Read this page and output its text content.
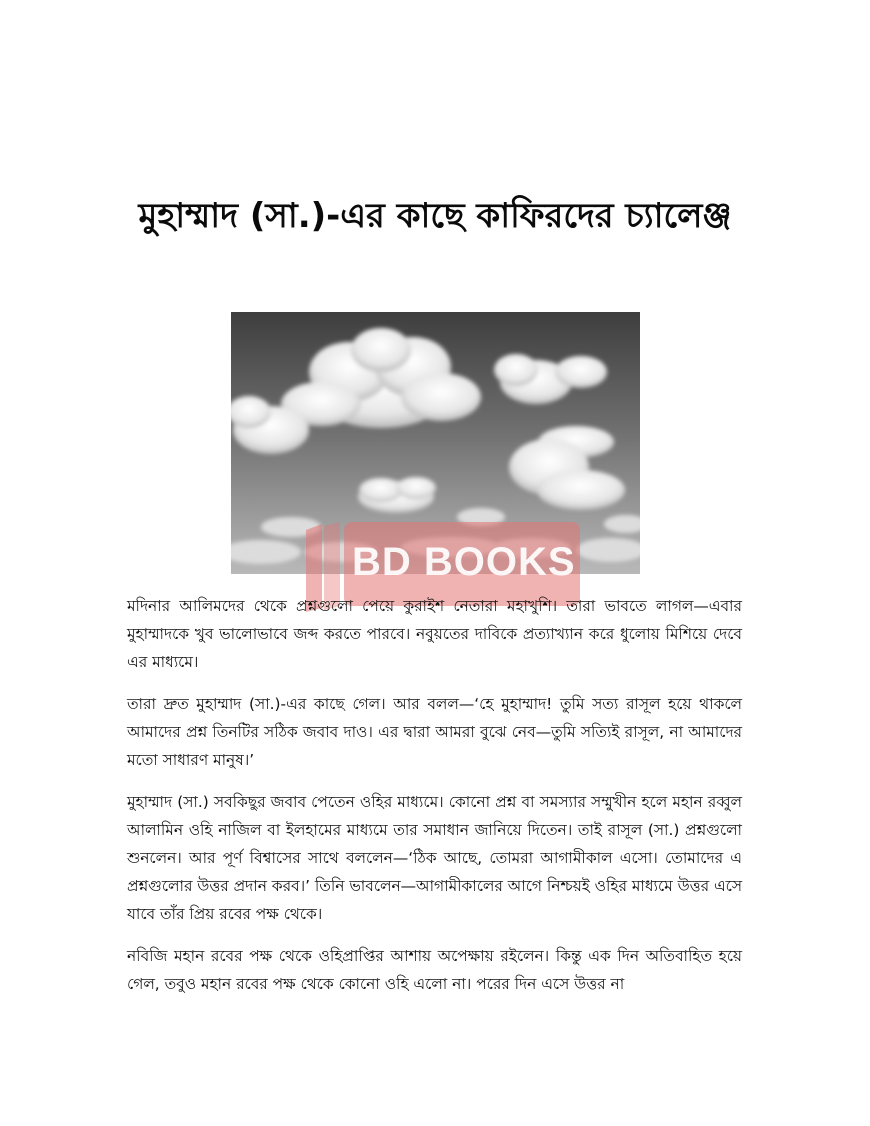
মুহাম্মাদ (সা.)-এর কাছে কাফিরদের চ্যালেঞ্জ
BD BOOKS

মদিনার আলিমদের থেকে প্রশ্নগুলো পেয়ে কুরাইশ নেতারা মহাখুশি। তারা ভাবতে লাগল—এবার মুহাম্মাদকে খুব ভালোভাবে জব্দ করতে পারবে। নবুয়তের দাবিকে প্রত্যাখ্যান করে ধুলোয় মিশিয়ে দেবে এর মাধ্যমে।

তারা দ্রুত মুহাম্মাদ (সা.)-এর কাছে গেল। আর বলল—‘হে মুহাম্মাদ! তুমি সত্য রাসূল হয়ে থাকলে আমাদের প্রশ্ন তিনটির সঠিক জবাব দাও। এর দ্বারা আমরা বুঝে নেব—তুমি সত্যিই রাসূল, না আমাদের মতো সাধারণ মানুষ।’

মুহাম্মাদ (সা.) সবকিছুর জবাব পেতেন ওহির মাধ্যমে। কোনো প্রশ্ন বা সমস্যার সম্মুখীন হলে মহান রব্বুল আলামিন ওহি নাজিল বা ইলহামের মাধ্যমে তার সমাধান জানিয়ে দিতেন। তাই রাসূল (সা.) প্রশ্নগুলো শুনলেন। আর পূর্ণ বিশ্বাসের সাথে বললেন—‘ঠিক আছে, তোমরা আগামীকাল এসো। তোমাদের এ প্রশ্নগুলোর উত্তর প্রদান করব।’ তিনি ভাবলেন—আগামীকালের আগে নিশ্চয়ই ওহির মাধ্যমে উত্তর এসে যাবে তাঁর প্রিয় রবের পক্ষ থেকে।

নবিজি মহান রবের পক্ষ থেকে ওহিপ্রাপ্তির আশায় অপেক্ষায় রইলেন। কিন্তু এক দিন অতিবাহিত হয়ে গেল, তবুও মহান রবের পক্ষ থেকে কোনো ওহি এলো না। পরের দিন এসে উত্তর না
